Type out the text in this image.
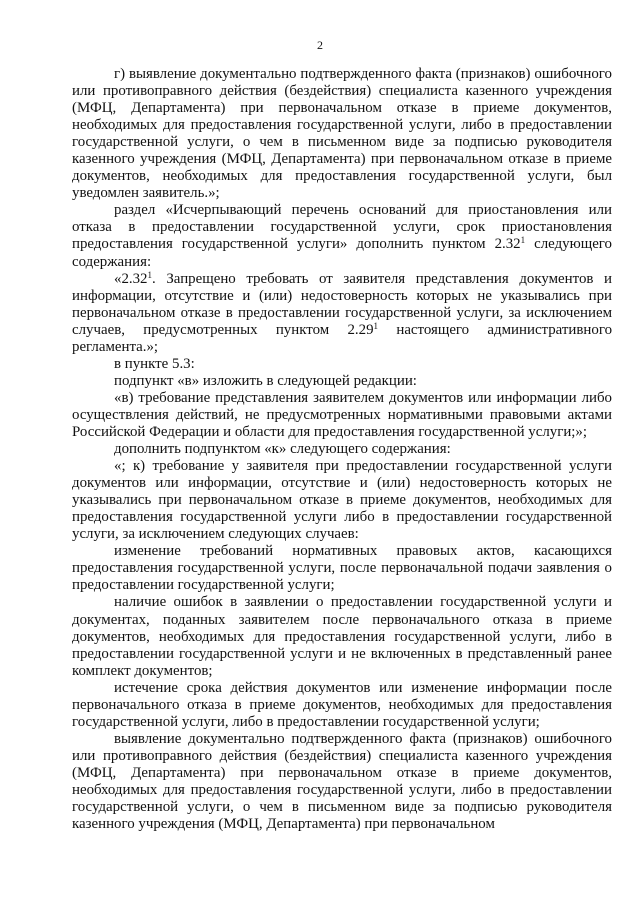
2

г) выявление документально подтвержденного факта (признаков) ошибочного или противоправного действия (бездействия) специалиста казенного учреждения (МФЦ, Департамента) при первоначальном отказе в приеме документов, необходимых для предоставления государственной услуги, либо в предоставлении государственной услуги, о чем в письменном виде за подписью руководителя казенного учреждения (МФЦ, Департамента) при первоначальном отказе в приеме документов, необходимых для предоставления государственной услуги, был уведомлен заявитель.»;

раздел «Исчерпывающий перечень оснований для приостановления или отказа в предоставлении государственной услуги, срок приостановления предоставления государственной услуги» дополнить пунктом 2.32$^1$ следующего содержания:

«2.32$^1$. Запрещено требовать от заявителя представления документов и информации, отсутствие и (или) недостоверность которых не указывались при первоначальном отказе в предоставлении государственной услуги, за исключением случаев, предусмотренных пунктом 2.29$^1$ настоящего административного регламента.»;

в пункте 5.3:

подпункт «в» изложить в следующей редакции:

«в) требование представления заявителем документов или информации либо осуществления действий, не предусмотренных нормативными правовыми актами Российской Федерации и области для предоставления государственной услуги;»;

дополнить подпунктом «к» следующего содержания:

«; к) требование у заявителя при предоставлении государственной услуги документов или информации, отсутствие и (или) недостоверность которых не указывались при первоначальном отказе в приеме документов, необходимых для предоставления государственной услуги либо в предоставлении государственной услуги, за исключением следующих случаев:

изменение требований нормативных правовых актов, касающихся предоставления государственной услуги, после первоначальной подачи заявления о предоставлении государственной услуги;

наличие ошибок в заявлении о предоставлении государственной услуги и документах, поданных заявителем после первоначального отказа в приеме документов, необходимых для предоставления государственной услуги, либо в предоставлении государственной услуги и не включенных в представленный ранее комплект документов;

истечение срока действия документов или изменение информации после первоначального отказа в приеме документов, необходимых для предоставления государственной услуги, либо в предоставлении государственной услуги;

выявление документально подтвержденного факта (признаков) ошибочного или противоправного действия (бездействия) специалиста казенного учреждения (МФЦ, Департамента) при первоначальном отказе в приеме документов, необходимых для предоставления государственной услуги, либо в предоставлении государственной услуги, о чем в письменном виде за подписью руководителя казенного учреждения (МФЦ, Департамента) при первоначальном
